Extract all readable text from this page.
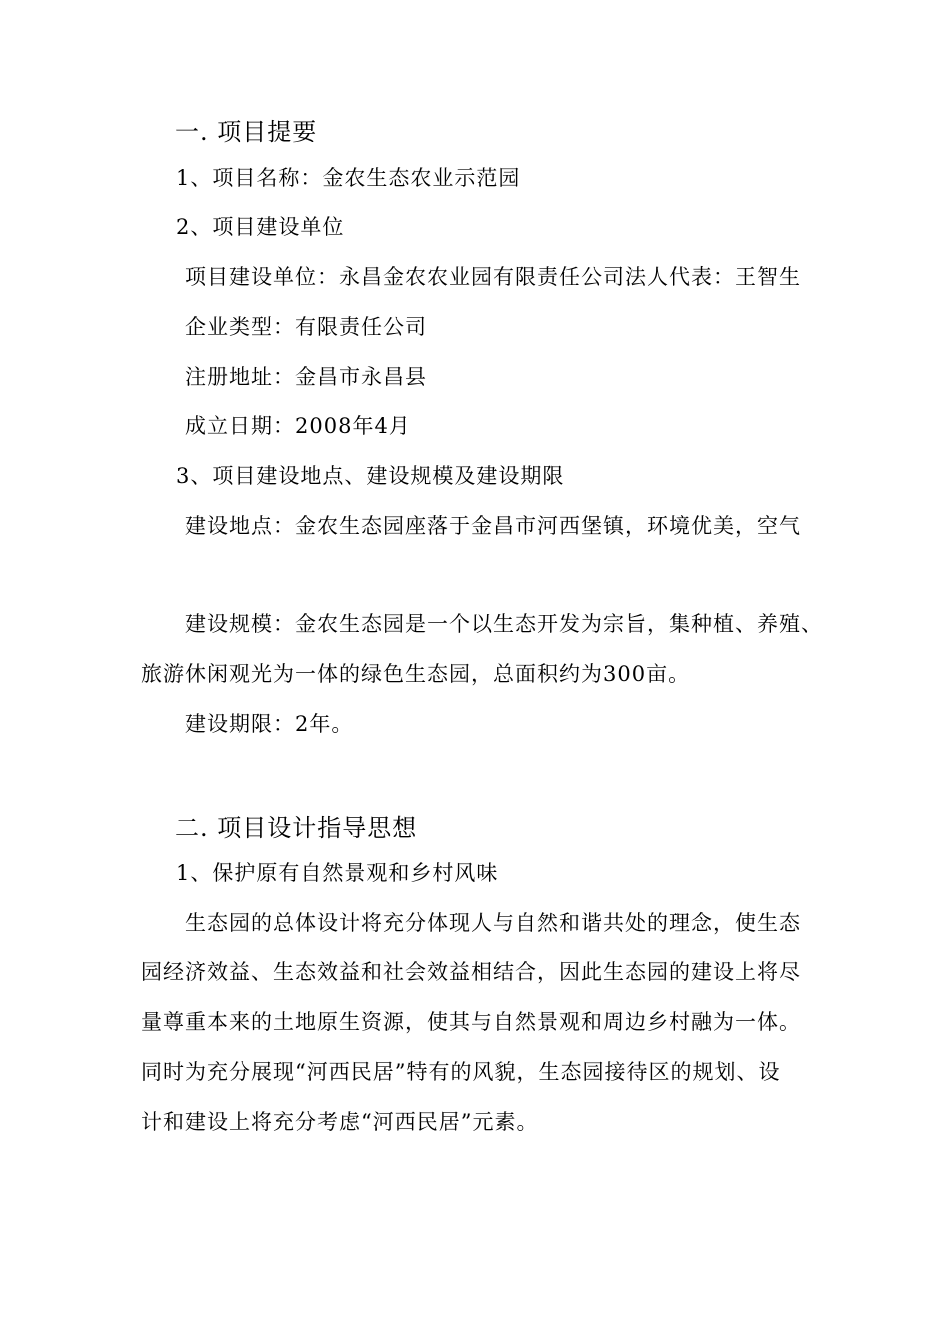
一. 项目提要
1、项目名称：金农生态农业示范园
2、项目建设单位
项目建设单位：永昌金农农业园有限责任公司法人代表：王智生
企业类型：有限责任公司
注册地址：金昌市永昌县
成立日期：2008年4月
3、项目建设地点、建设规模及建设期限
建设地点：金农生态园座落于金昌市河西堡镇，环境优美，空气
建设规模：金农生态园是一个以生态开发为宗旨，集种植、养殖、
旅游休闲观光为一体的绿色生态园，总面积约为300亩。
建设期限：2年。
二. 项目设计指导思想
1、保护原有自然景观和乡村风味
生态园的总体设计将充分体现人与自然和谐共处的理念，使生态
园经济效益、生态效益和社会效益相结合，因此生态园的建设上将尽
量尊重本来的土地原生资源，使其与自然景观和周边乡村融为一体。
同时为充分展现“河西民居”特有的风貌，生态园接待区的规划、设
计和建设上将充分考虑“河西民居”元素。
